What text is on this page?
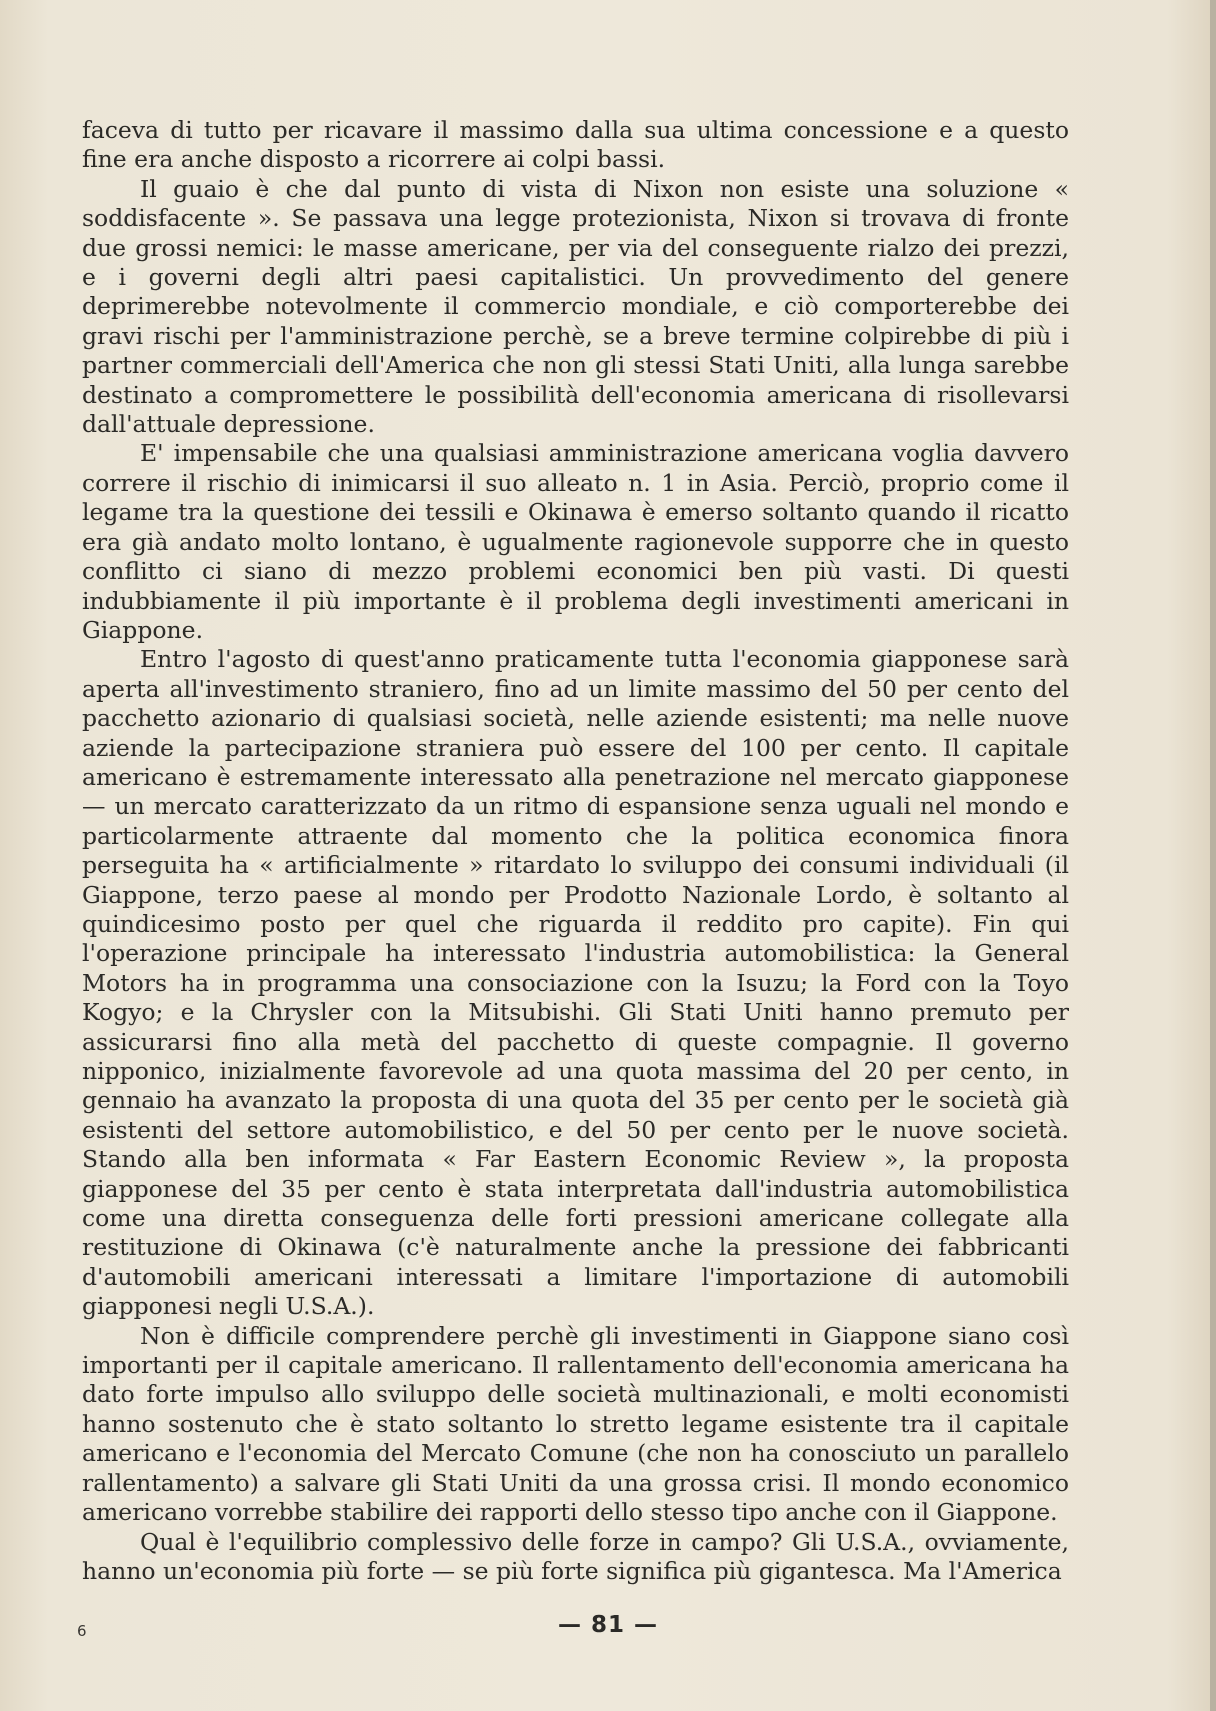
faceva di tutto per ricavare il massimo dalla sua ultima concessione e a questo fine era anche disposto a ricorrere ai colpi bassi.

Il guaio è che dal punto di vista di Nixon non esiste una soluzione « soddisfacente ». Se passava una legge protezionista, Nixon si trovava di fronte due grossi nemici: le masse americane, per via del conseguente rialzo dei prezzi, e i governi degli altri paesi capitalistici. Un provvedimento del genere deprimerebbe notevolmente il commercio mondiale, e ciò comporterebbe dei gravi rischi per l'amministrazione perchè, se a breve termine colpirebbe di più i partner commerciali dell'America che non gli stessi Stati Uniti, alla lunga sarebbe destinato a compromettere le possibilità dell'economia americana di risollevarsi dall'attuale depressione.

E' impensabile che una qualsiasi amministrazione americana voglia davvero correre il rischio di inimicarsi il suo alleato n. 1 in Asia. Perciò, proprio come il legame tra la questione dei tessili e Okinawa è emerso soltanto quando il ricatto era già andato molto lontano, è ugualmente ragionevole supporre che in questo conflitto ci siano di mezzo problemi economici ben più vasti. Di questi indubbiamente il più importante è il problema degli investimenti americani in Giappone.

Entro l'agosto di quest'anno praticamente tutta l'economia giapponese sarà aperta all'investimento straniero, fino ad un limite massimo del 50 per cento del pacchetto azionario di qualsiasi società, nelle aziende esistenti; ma nelle nuove aziende la partecipazione straniera può essere del 100 per cento. Il capitale americano è estremamente interessato alla penetrazione nel mercato giapponese — un mercato caratterizzato da un ritmo di espansione senza uguali nel mondo e particolarmente attraente dal momento che la politica economica finora perseguita ha « artificialmente » ritardato lo sviluppo dei consumi individuali (il Giappone, terzo paese al mondo per Prodotto Nazionale Lordo, è soltanto al quindicesimo posto per quel che riguarda il reddito pro capite). Fin qui l'operazione principale ha interessato l'industria automobilistica: la General Motors ha in programma una consociazione con la Isuzu; la Ford con la Toyo Kogyo; e la Chrysler con la Mitsubishi. Gli Stati Uniti hanno premuto per assicurarsi fino alla metà del pacchetto di queste compagnie. Il governo nipponico, inizialmente favorevole ad una quota massima del 20 per cento, in gennaio ha avanzato la proposta di una quota del 35 per cento per le società già esistenti del settore automobilistico, e del 50 per cento per le nuove società. Stando alla ben informata « Far Eastern Economic Review », la proposta giapponese del 35 per cento è stata interpretata dall'industria automobilistica come una diretta conseguenza delle forti pressioni americane collegate alla restituzione di Okinawa (c'è naturalmente anche la pressione dei fabbricanti d'automobili americani interessati a limitare l'importazione di automobili giapponesi negli U.S.A.).

Non è difficile comprendere perchè gli investimenti in Giappone siano così importanti per il capitale americano. Il rallentamento dell'economia americana ha dato forte impulso allo sviluppo delle società multinazionali, e molti economisti hanno sostenuto che è stato soltanto lo stretto legame esistente tra il capitale americano e l'economia del Mercato Comune (che non ha conosciuto un parallelo rallentamento) a salvare gli Stati Uniti da una grossa crisi. Il mondo economico americano vorrebbe stabilire dei rapporti dello stesso tipo anche con il Giappone.

Qual è l'equilibrio complessivo delle forze in campo? Gli U.S.A., ovviamente, hanno un'economia più forte — se più forte significa più gigantesca. Ma l'America

6	— 81 —
